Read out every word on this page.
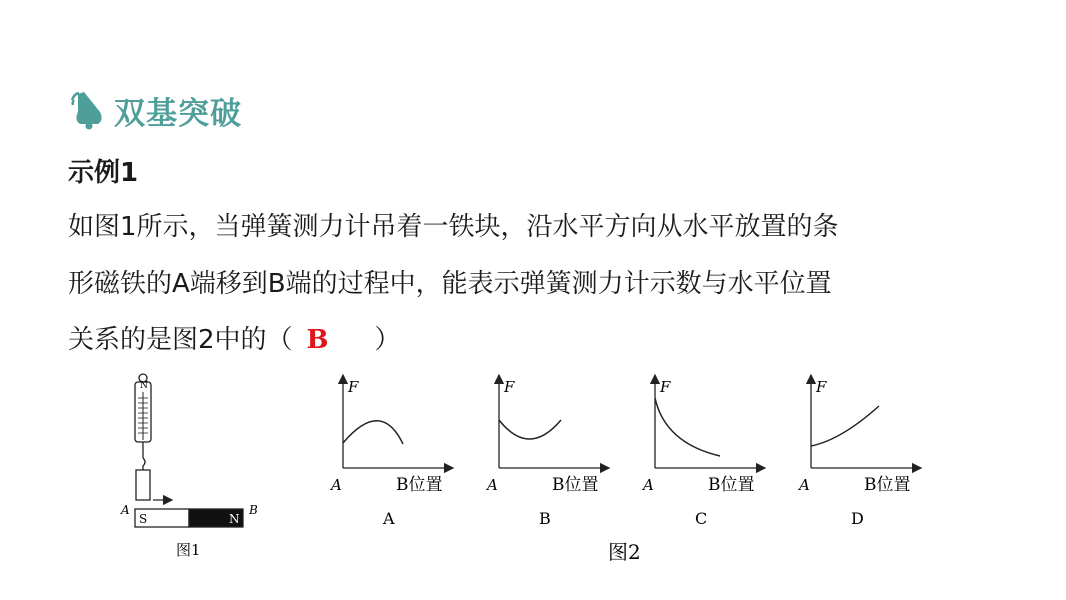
双基突破
示例1
如图1所示，当弹簧测力计吊着一铁块，沿水平方向从水平放置的条
形磁铁的A端移到B端的过程中，能表示弹簧测力计示数与水平位置
关系的是图2中的（ B ）
N
A	B
S	N
图1
F
A	B位置
A
F
A	B位置
B
F
A	B位置
C
F
A	B位置
D
图2
